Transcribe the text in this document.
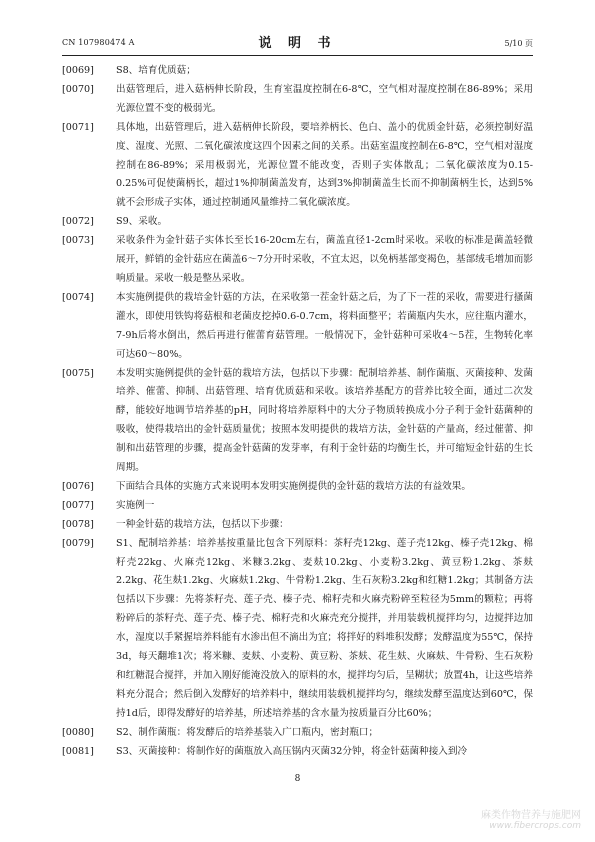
CN 107980474 A	说 明 书	5/10 页
[0069] S8、培育优质菇；
[0070] 出菇管理后，进入菇柄伸长阶段，生育室温度控制在6-8℃，空气相对湿度控制在86-89%；采用光源位置不变的极弱光。
[0071] 具体地，出菇管理后，进入菇柄伸长阶段，要培养柄长、色白、盖小的优质金针菇，必须控制好温度、湿度、光照、二氧化碳浓度这四个因素之间的关系。出菇室温度控制在6-8℃，空气相对湿度控制在86-89%；采用极弱光，光源位置不能改变，否则子实体散乱；二氧化碳浓度为0.15-0.25%可促使菌柄长，超过1%抑制菌盖发育，达到3%抑制菌盖生长而不抑制菌柄生长，达到5%就不会形成子实体，通过控制通风量维持二氧化碳浓度。
[0072] S9、采收。
[0073] 采收条件为金针菇子实体长至长16-20cm左右，菌盖直径1-2cm时采收。采收的标准是菌盖轻微展开，鲜销的金针菇应在菌盖6～7分开时采收，不宜太迟，以免柄基部变褐色，基部绒毛增加而影响质量。采收一般是整丛采收。
[0074] 本实施例提供的栽培金针菇的方法，在采收第一茬金针菇之后，为了下一茬的采收，需要进行搔菌灌水，即使用铁钩将菇根和老菌皮挖掉0.6-0.7cm，将料面整平；若菌瓶内失水，应往瓶内灌水，7-9h后将水倒出，然后再进行催蕾育菇管理。一般情况下，金针菇种可采收4～5茬，生物转化率可达60～80%。
[0075] 本发明实施例提供的金针菇的栽培方法，包括以下步骤：配制培养基、制作菌瓶、灭菌接种、发菌培养、催蕾、抑制、出菇管理、培育优质菇和采收。该培养基配方的营养比较全面，通过二次发酵，能较好地调节培养基的pH，同时将培养原料中的大分子物质转换成小分子利于金针菇菌种的吸收，使得栽培出的金针菇质量优；按照本发明提供的栽培方法，金针菇的产量高，经过催蕾、抑制和出菇管理的步骤，提高金针菇菌的发芽率，有利于金针菇的均衡生长，并可缩短金针菇的生长周期。
[0076] 下面结合具体的实施方式来说明本发明实施例提供的金针菇的栽培方法的有益效果。
[0077] 实施例一
[0078] 一种金针菇的栽培方法，包括以下步骤：
[0079] S1、配制培养基：培养基按重量比包含下列原料：茶籽壳12kg、莲子壳12kg、榛子壳12kg、棉籽壳22kg、火麻壳12kg、米糠3.2kg、麦麸10.2kg、小麦粉3.2kg、黄豆粉1.2kg、茶麸2.2kg、花生麸1.2kg、火麻麸1.2kg、牛骨粉1.2kg、生石灰粉3.2kg和红糖1.2kg；其制备方法包括以下步骤：先将茶籽壳、莲子壳、榛子壳、棉籽壳和火麻壳粉碎至粒径为5mm的颗粒；再将粉碎后的茶籽壳、莲子壳、榛子壳、棉籽壳和火麻壳充分搅拌，并用装载机搅拌均匀，边搅拌边加水，湿度以手紧握培养料能有水渗出但不滴出为宜；将拌好的料堆积发酵；发酵温度为55℃，保持3d，每天翻堆1次；将米糠、麦麸、小麦粉、黄豆粉、茶麸、花生麸、火麻麸、牛骨粉、生石灰粉和红糖混合搅拌，并加入刚好能淹没放入的原料的水，搅拌均匀后，呈糊状；放置4h，让这些培养料充分混合；然后倒入发酵好的培养料中，继续用装载机搅拌均匀，继续发酵至温度达到60℃，保持1d后，即得发酵好的培养基，所述培养基的含水量为按质量百分比60%；
[0080] S2、制作菌瓶：将发酵后的培养基装入广口瓶内，密封瓶口；
[0081] S3、灭菌接种：将制作好的菌瓶放入高压锅内灭菌32分钟，将金针菇菌种接入到冷
8
麻类作物营养与施肥网
www.fibercrops.com
